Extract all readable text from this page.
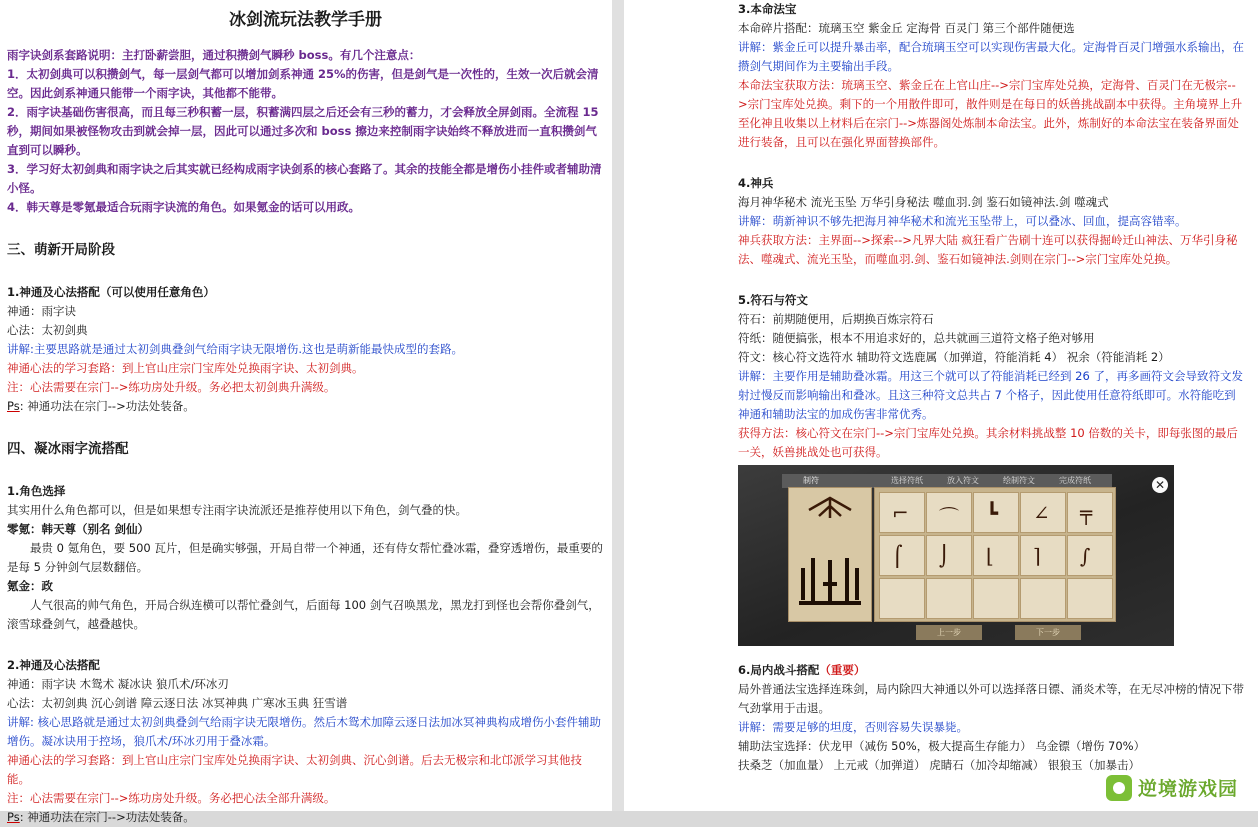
冰剑流玩法教学手册

雨字诀剑系套路说明：主打卧薪尝胆，通过积攒剑气瞬秒 boss。有几个注意点：

1．太初剑典可以积攒剑气，每一层剑气都可以增加剑系神通 25%的伤害，但是剑气是一次性的，生效一次后就会清空。因此剑系神通只能带一个雨字诀，其他都不能带。

2．雨字诀基础伤害很高，而且每三秒积蓄一层，积蓄满四层之后还会有三秒的蓄力，才会释放全屏剑雨。全流程 15 秒，期间如果被怪物攻击到就会掉一层，因此可以通过多次和 boss 擦边来控制雨字诀始终不释放进而一直积攒剑气直到可以瞬秒。

3．学习好太初剑典和雨字诀之后其实就已经构成雨字诀剑系的核心套路了。其余的技能全都是增伤小挂件或者辅助清小怪。

4．韩天尊是零氪最适合玩雨字诀流的角色。如果氪金的话可以用政。

三、萌新开局阶段

1.神通及心法搭配（可以使用任意角色）

神通：雨字诀

心法：太初剑典

讲解:主要思路就是通过太初剑典叠剑气给雨字诀无限增伤.这也是萌新能最快成型的套路。

神通心法的学习套路：到上官山庄宗门宝库处兑换雨字诀、太初剑典。

注：心法需要在宗门-->练功房处升级。务必把太初剑典升满级。

Ps: 神通功法在宗门-->功法处装备。

四、凝冰雨字流搭配

1.角色选择

其实用什么角色都可以，但是如果想专注雨字诀流派还是推荐使用以下角色，剑气叠的快。

零氪：韩天尊（别名 剑仙）

最贵 0 氪角色，要 500 瓦片，但是确实够强，开局自带一个神通，还有侍女帮忙叠冰霜，叠穿透增伤，最重要的是每 5 分钟剑气层数翻倍。

氪金：政

人气很高的帅气角色，开局合纵连横可以帮忙叠剑气，后面每 100 剑气召唤黑龙，黑龙打到怪也会帮你叠剑气，滚雪球叠剑气，越叠越快。

2.神通及心法搭配

神通：雨字诀 木鸳术 凝冰诀 狼爪术/环冰刃

心法：太初剑典 沉心剑谱 障云逐日法 冰冥神典 广寒冰玉典 狂雪谱

讲解: 核心思路就是通过太初剑典叠剑气给雨字诀无限增伤。然后木鸳术加障云逐日法加冰冥神典构成增伤小套件辅助增伤。凝冰诀用于控场，狼爪术/环冰刃用于叠冰霜。

神通心法的学习套路：到上官山庄宗门宝库处兑换雨字诀、太初剑典、沉心剑谱。后去无极宗和北邙派学习其他技能。

注：心法需要在宗门-->练功房处升级。务必把心法全部升满级。

Ps: 神通功法在宗门-->功法处装备。

3.本命法宝

本命碎片搭配：琉璃玉空 紫金丘 定海骨 百灵门 第三个部件随便选

讲解：紫金丘可以提升暴击率，配合琉璃玉空可以实现伤害最大化。定海骨百灵门增强水系输出，在攒剑气期间作为主要输出手段。

本命法宝获取方法：琉璃玉空、紫金丘在上官山庄-->宗门宝库处兑换，定海骨、百灵门在无极宗-->宗门宝库处兑换。剩下的一个用散件即可，散件则是在每日的妖兽挑战副本中获得。主角境界上升至化神且收集以上材料后在宗门-->炼器阁处炼制本命法宝。此外，炼制好的本命法宝在装备界面处进行装备，且可以在强化界面替换部件。

4.神兵

海月神华秘术 流光玉坠 万华引身秘法 噬血羽.剑 鉴石如镜神法.剑 噬魂式

讲解：萌新神识不够先把海月神华秘术和流光玉坠带上，可以叠冰、回血，提高容错率。

神兵获取方法：主界面-->探索-->凡界大陆 疯狂看广告刷十连可以获得掘岭迁山神法、万华引身秘法、噬魂式、流光玉坠，而噬血羽.剑、鉴石如镜神法.剑则在宗门-->宗门宝库处兑换。

5.符石与符文

符石：前期随便用，后期换百炼宗符石

符纸：随便搞张，根本不用追求好的，总共就画三道符文格子绝对够用

符文：核心符文选符水 辅助符文选鹿属（加弹道，符能消耗 4） 祝余（符能消耗 2）

讲解：主要作用是辅助叠冰霜。用这三个就可以了符能消耗已经到 26 了，再多画符文会导致符文发射过慢反而影响输出和叠冰。且这三种符文总共占 7 个格子，因此使用任意符纸即可。水符能吃到神通和辅助法宝的加成伤害非常优秀。

获得方法：核心符文在宗门-->宗门宝库处兑换。其余材料挑战整 10 倍数的关卡，即每张图的最后一关，妖兽挑战处也可获得。

制符	选择符纸	放入符文	绘制符文	完成符纸	✕
⌐ ⌒ ┗ ∠ ╤
⌠ ⌡ ⌊ ⌉ ∫
上一步	下一步

6.局内战斗搭配（重要）

局外普通法宝选择连珠剑，局内除四大神通以外可以选择落日镖、涌炎术等，在无尽冲榜的情况下带气劲掌用于击退。

讲解：需要足够的坦度，否则容易失误暴毙。

辅助法宝选择：伏龙甲（减伤 50%，极大提高生存能力） 乌金镖（增伤 70%）

扶桑芝（加血量） 上元戒（加弹道） 虎睛石（加冷却缩减） 银狼玉（加暴击）

逆境游戏园
